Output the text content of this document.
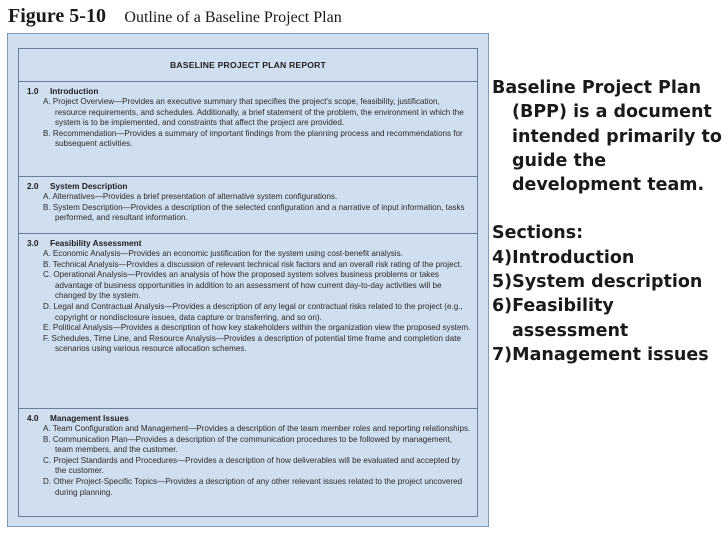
Figure 5-10 Outline of a Baseline Project Plan
BASELINE PROJECT PLAN REPORT
1.0 Introduction
A. Project Overview—Provides an executive summary that specifies the project's scope, feasibility, justification, resource requirements, and schedules. Additionally, a brief statement of the problem, the environment in which the system is to be implemented, and constraints that affect the project are provided.
B. Recommendation—Provides a summary of important findings from the planning process and recommendations for subsequent activities.
2.0 System Description
A. Alternatives—Provides a brief presentation of alternative system configurations.
B. System Description—Provides a description of the selected configuration and a narrative of input information, tasks performed, and resultant information.
3.0 Feasibility Assessment
A. Economic Analysis—Provides an economic justification for the system using cost-benefit analysis.
B. Technical Analysis—Provides a discussion of relevant technical risk factors and an overall risk rating of the project.
C. Operational Analysis—Provides an analysis of how the proposed system solves business problems or takes advantage of business opportunities in addition to an assessment of how current day-to-day activities will be changed by the system.
D. Legal and Contractual Analysis—Provides a description of any legal or contractual risks related to the project (e.g., copyright or nondisclosure issues, data capture or transferring, and so on).
E. Political Analysis—Provides a description of how key stakeholders within the organization view the proposed system.
F. Schedules, Time Line, and Resource Analysis—Provides a description of potential time frame and completion date scenarios using various resource allocation schemes.
4.0 Management Issues
A. Team Configuration and Management—Provides a description of the team member roles and reporting relationships.
B. Communication Plan—Provides a description of the communication procedures to be followed by management, team members, and the customer.
C. Project Standards and Procedures—Provides a description of how deliverables will be evaluated and accepted by the customer.
D. Other Project-Specific Topics—Provides a description of any other relevant issues related to the project uncovered during planning.

Baseline Project Plan (BPP) is a document intended primarily to guide the development team.

Sections:

4)Introduction

5)System description

6)Feasibility assessment

7)Management issues
